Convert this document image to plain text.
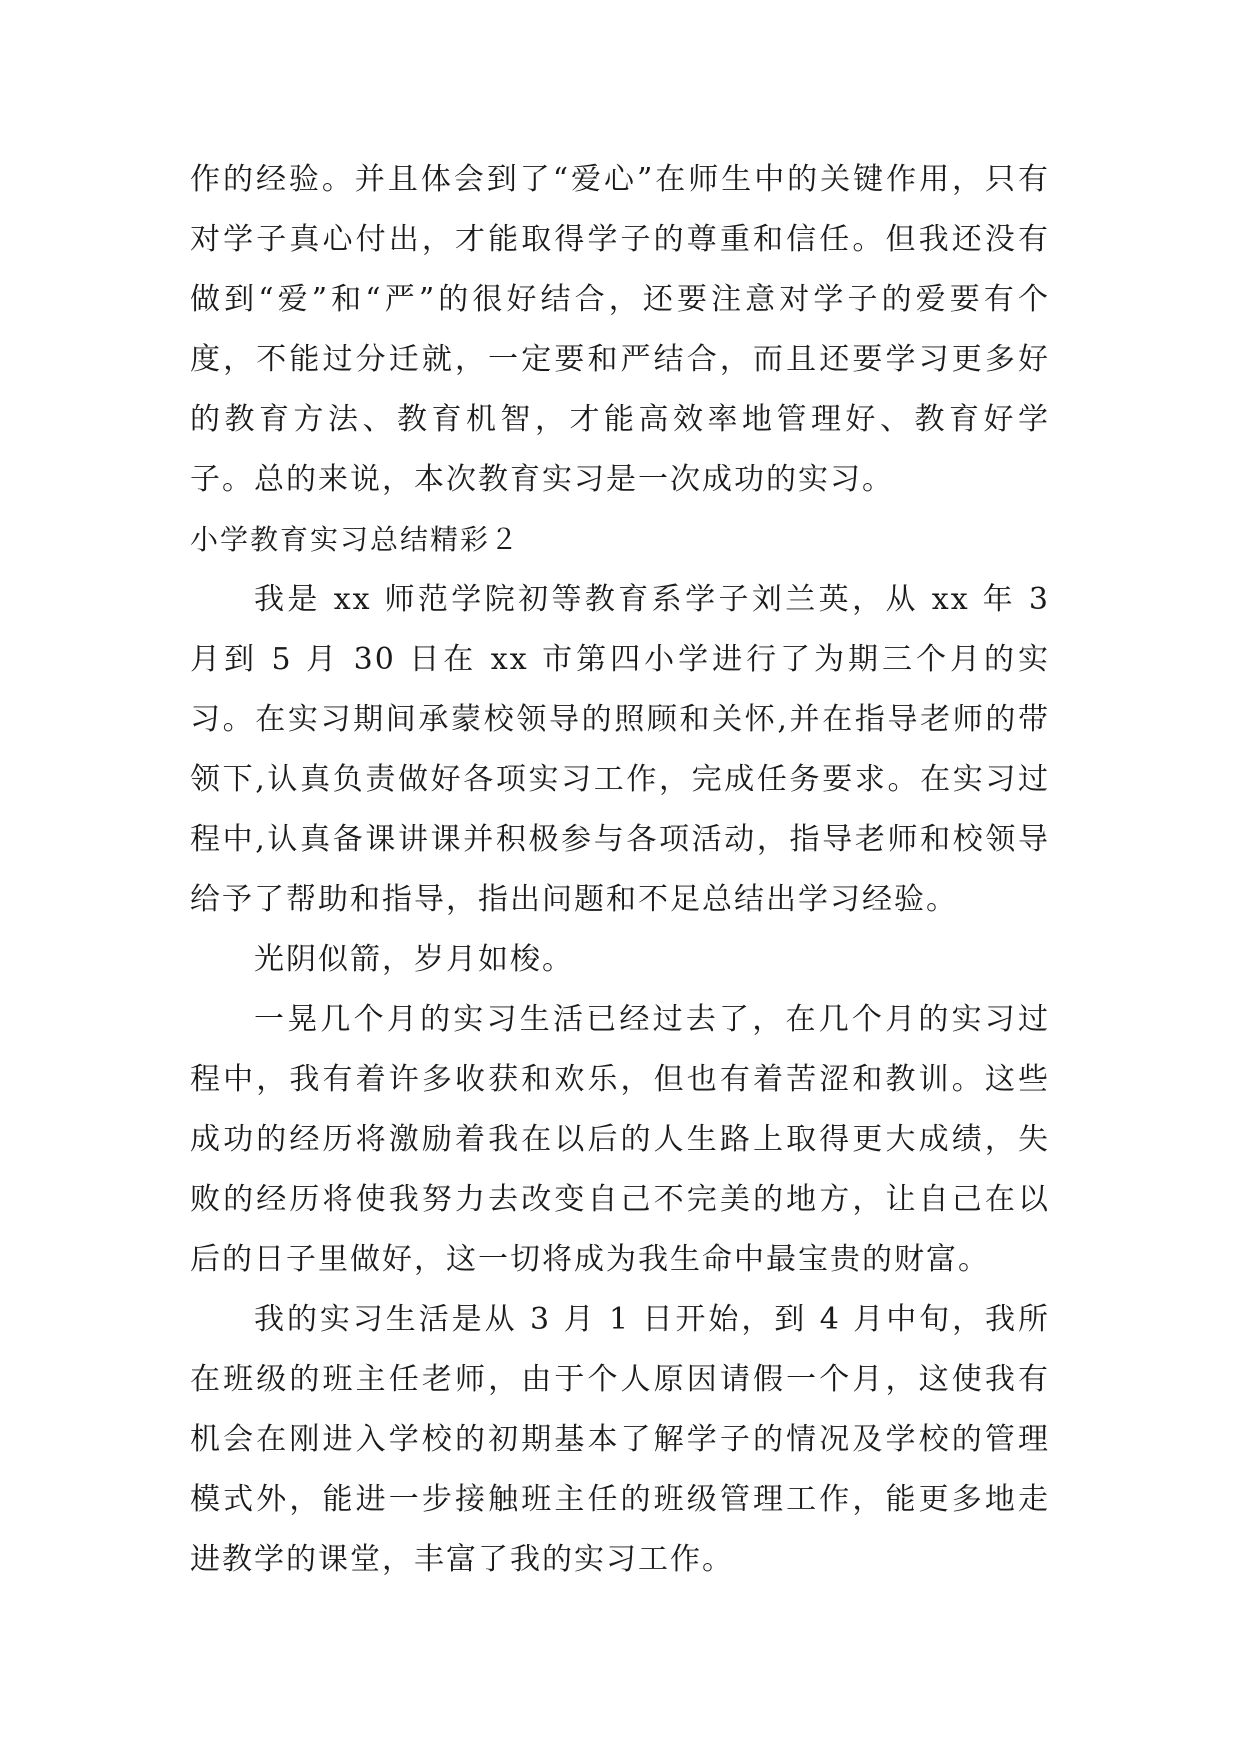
作的经验。并且体会到了“爱心”在师生中的关键作用，只有对学子真心付出，才能取得学子的尊重和信任。但我还没有做到“爱”和“严”的很好结合，还要注意对学子的爱要有个度，不能过分迁就，一定要和严结合，而且还要学习更多好的教育方法、教育机智，才能高效率地管理好、教育好学子。总的来说，本次教育实习是一次成功的实习。

小学教育实习总结精彩２

我是 xx 师范学院初等教育系学子刘兰英，从 xx 年 3 月到 5 月 30 日在 xx 市第四小学进行了为期三个月的实习。在实习期间承蒙校领导的照顾和关怀,并在指导老师的带领下,认真负责做好各项实习工作，完成任务要求。在实习过程中,认真备课讲课并积极参与各项活动，指导老师和校领导给予了帮助和指导，指出问题和不足总结出学习经验。

光阴似箭，岁月如梭。

一晃几个月的实习生活已经过去了，在几个月的实习过程中，我有着许多收获和欢乐，但也有着苦涩和教训。这些成功的经历将激励着我在以后的人生路上取得更大成绩，失败的经历将使我努力去改变自己不完美的地方，让自己在以后的日子里做好，这一切将成为我生命中最宝贵的财富。

我的实习生活是从 3 月 1 日开始，到 4 月中旬，我所在班级的班主任老师，由于个人原因请假一个月，这使我有机会在刚进入学校的初期基本了解学子的情况及学校的管理模式外，能进一步接触班主任的班级管理工作，能更多地走进教学的课堂，丰富了我的实习工作。
